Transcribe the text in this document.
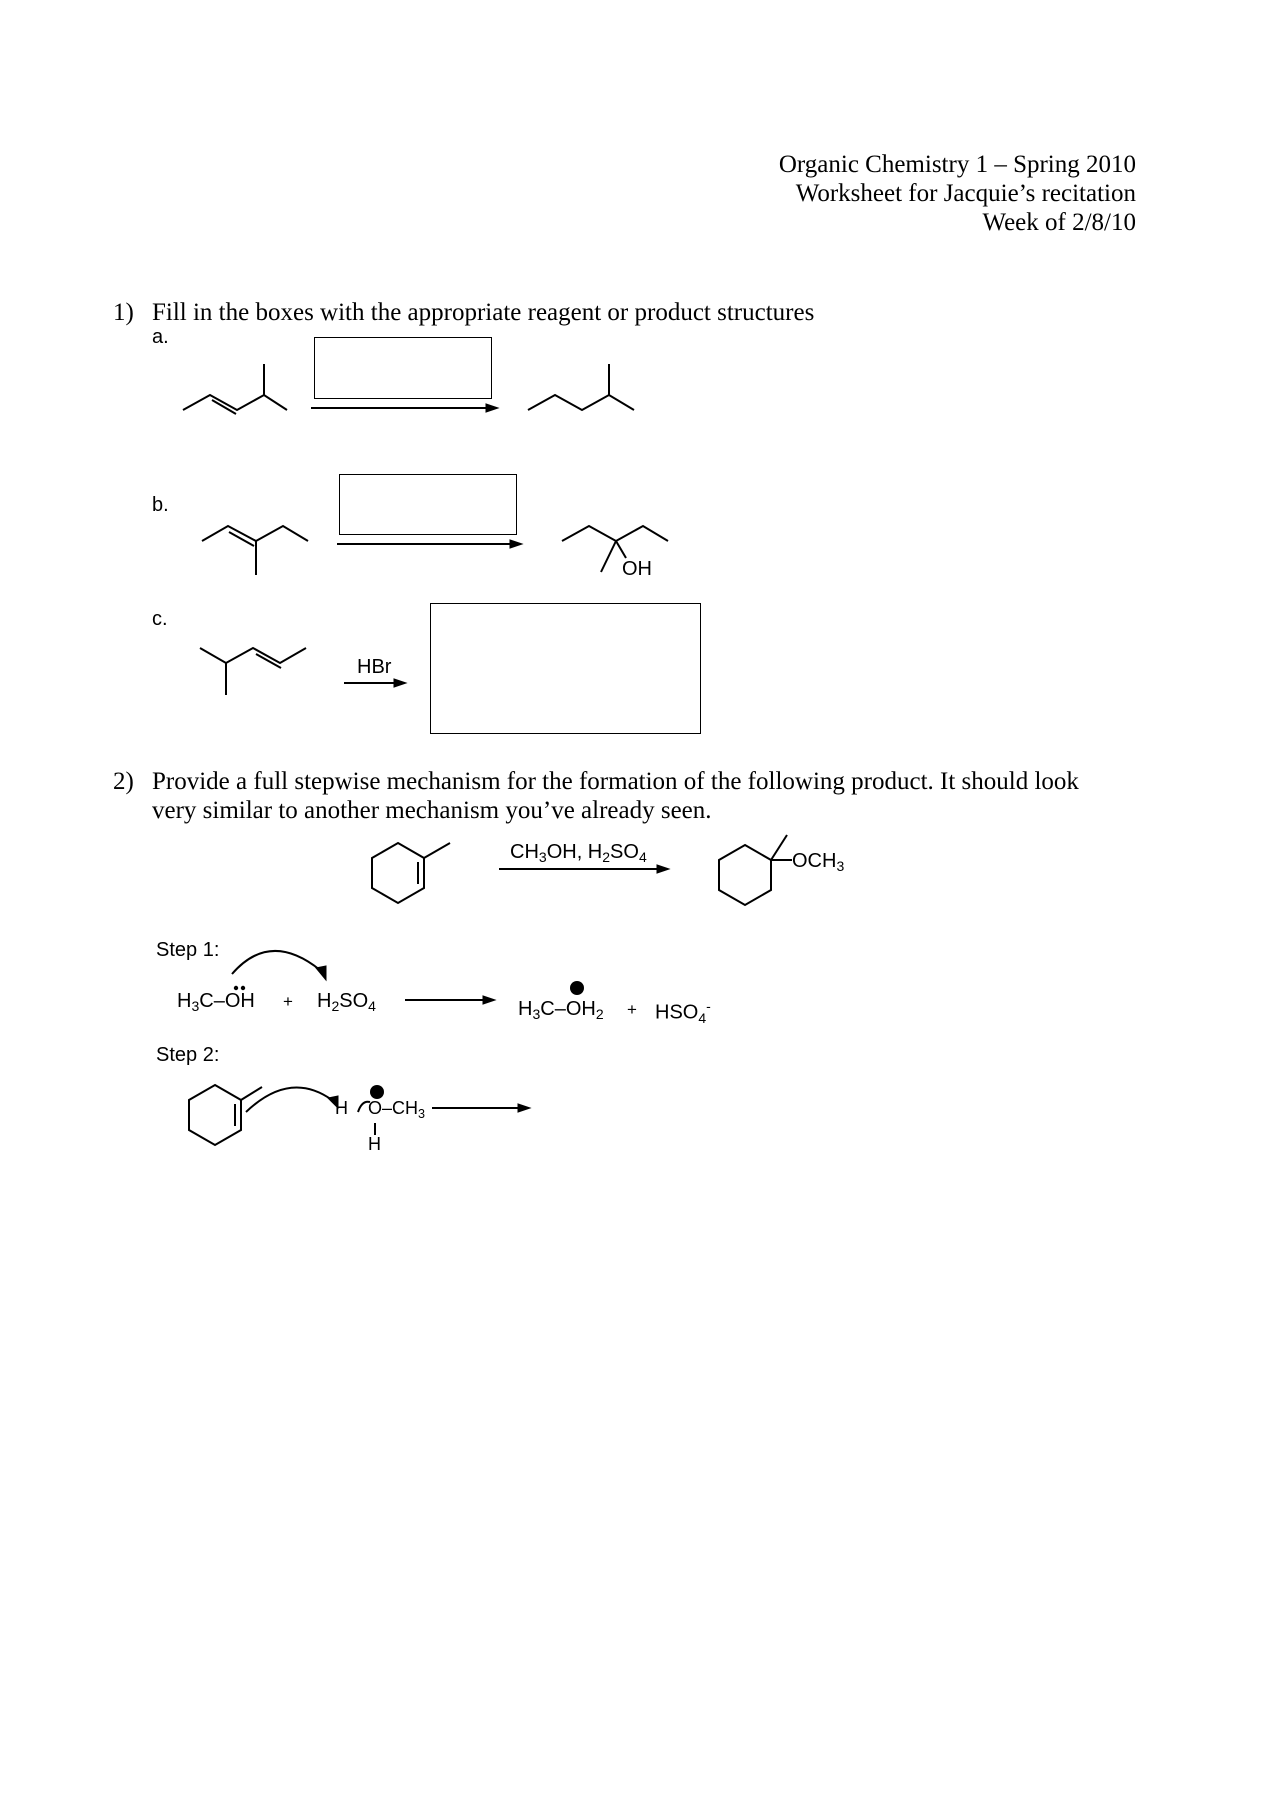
Organic Chemistry 1 – Spring 2010
Worksheet for Jacquie’s recitation
Week of 2/8/10
1) Fill in the boxes with the appropriate reagent or product structures
a.
b.
c.
OH
HBr
2) Provide a full stepwise mechanism for the formation of the following product. It should look
very similar to another mechanism you’ve already seen.
$CH_3OH$, $H_2SO_4$	$OCH_3$
Step 1:
$H_3C-OH + H_2SO_4$	$H_3C-OH_2 + HSO_4^-$
Step 2:
H O $-CH_3$
H
